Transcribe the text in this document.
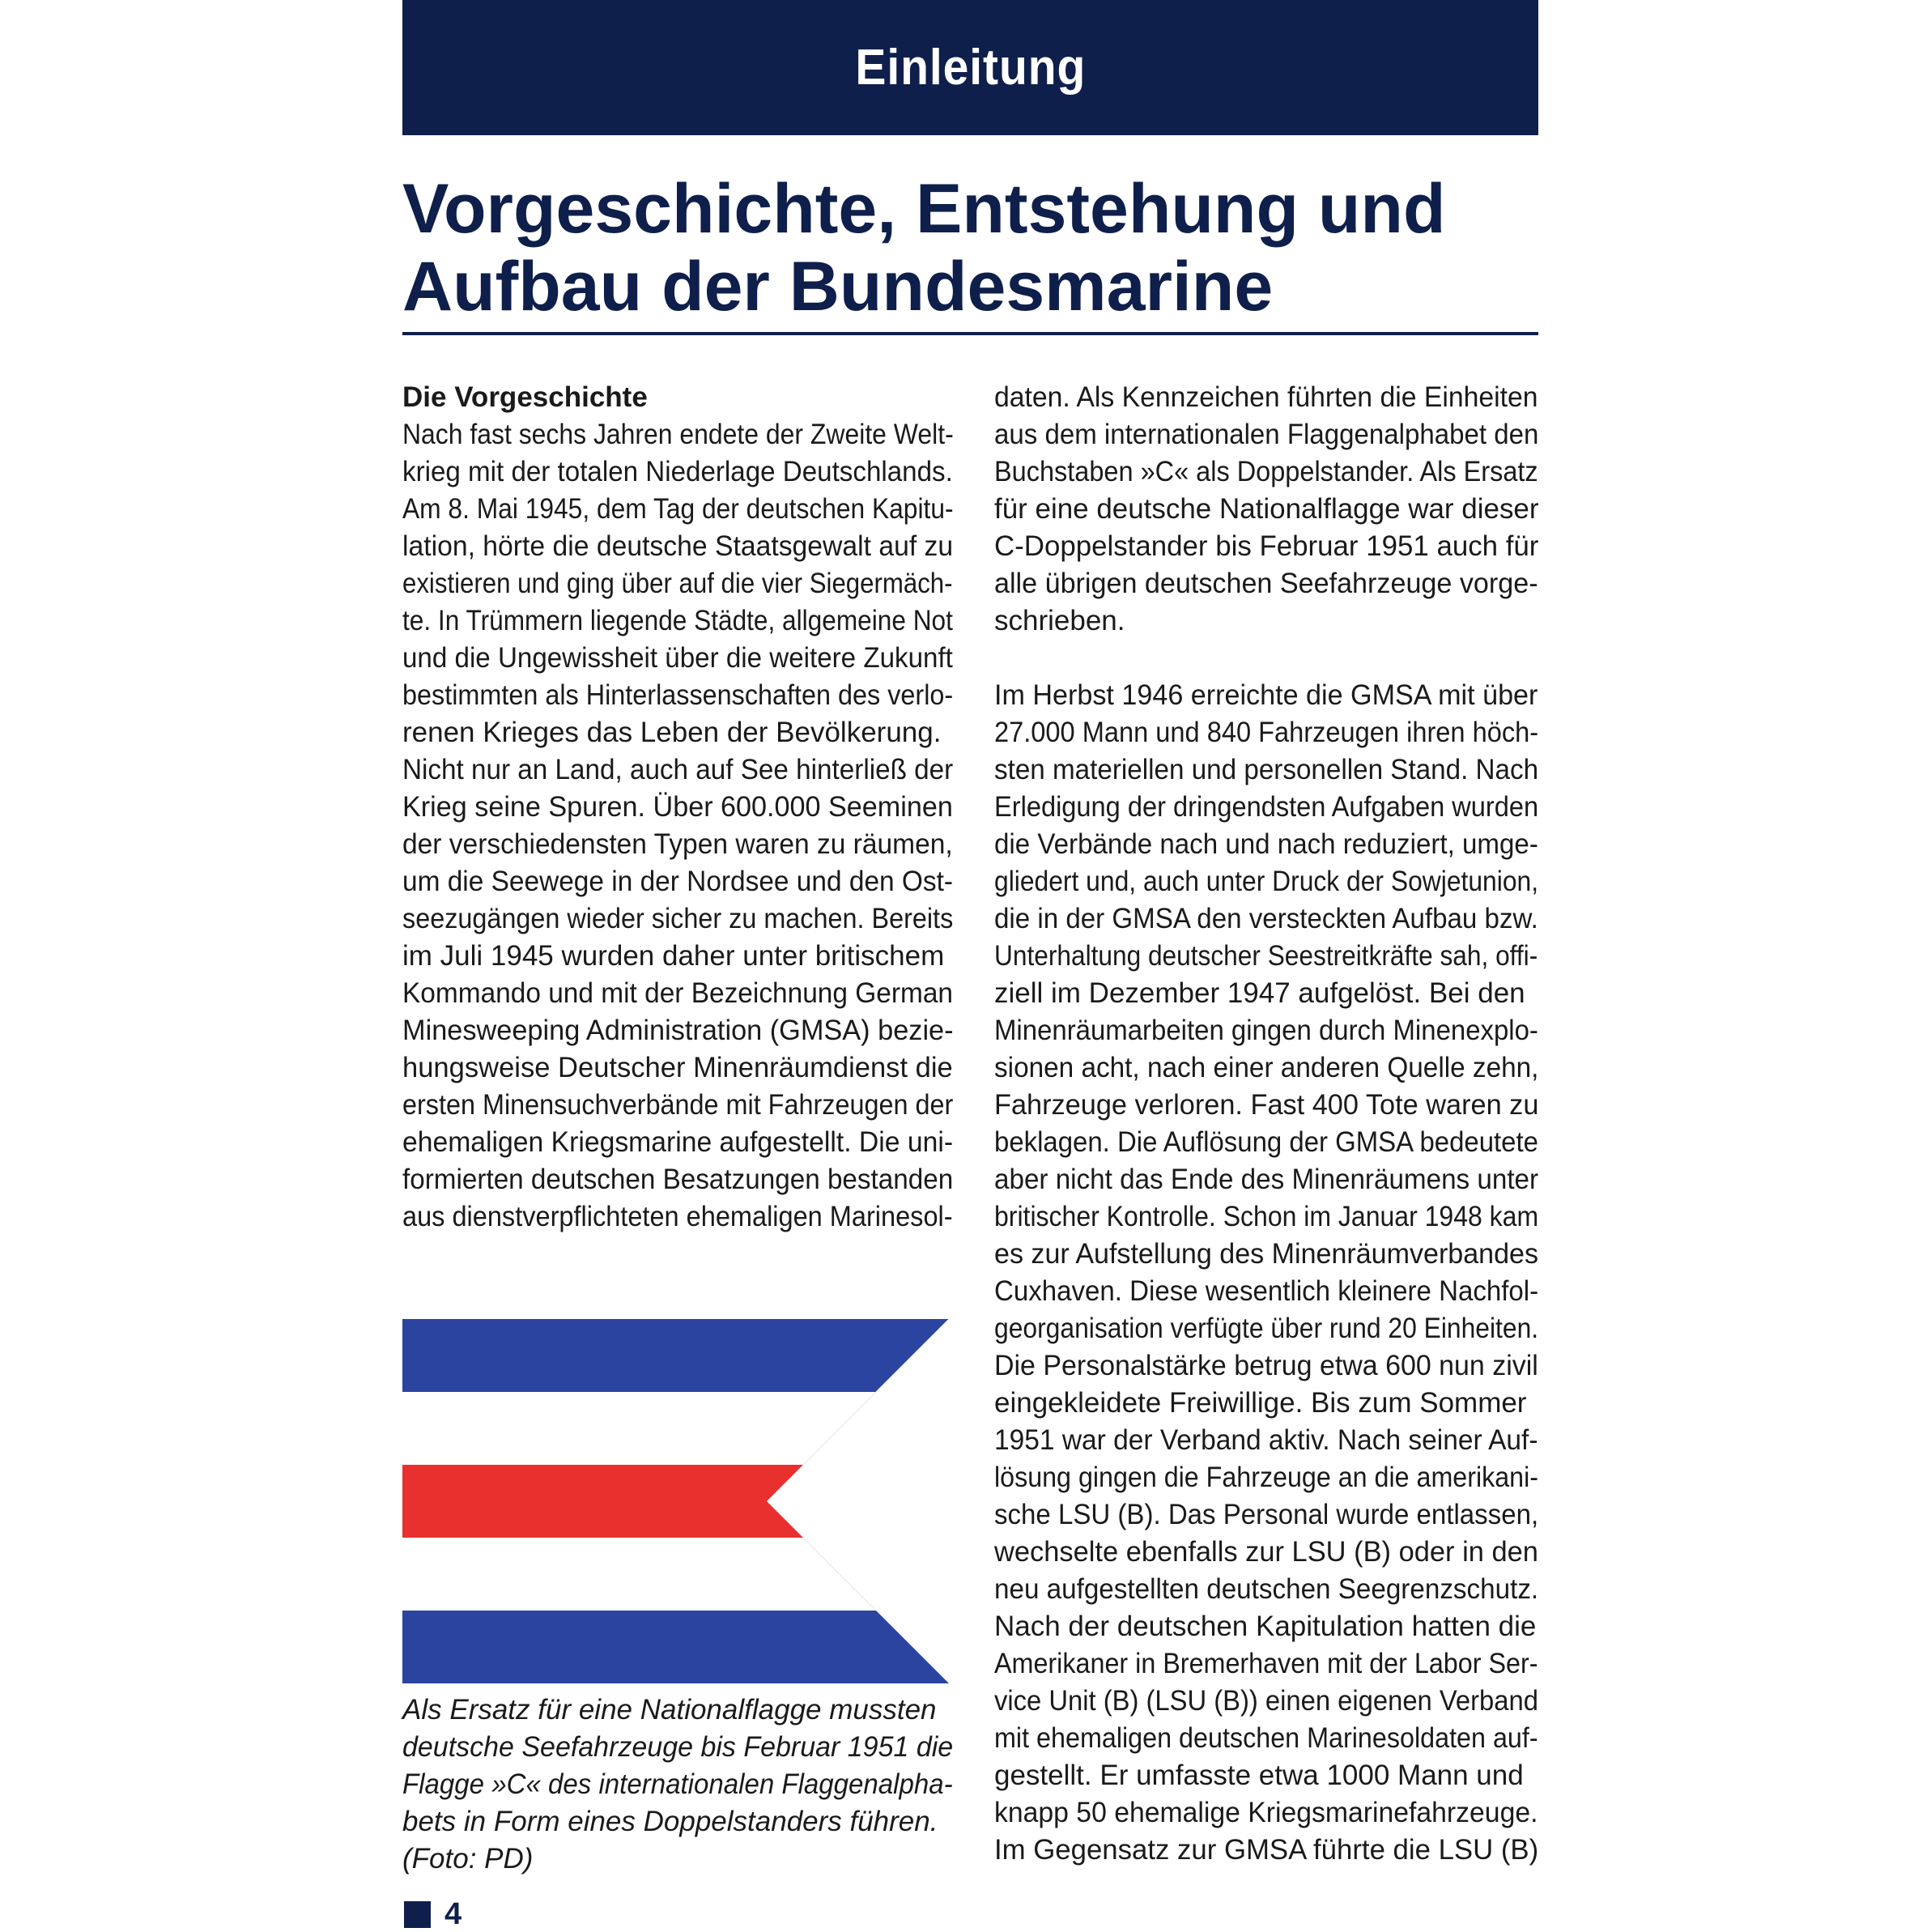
Einleitung
Vorgeschichte, Entstehung und
Aufbau der Bundesmarine
Die Vorgeschichte
Nach fast sechs Jahren endete der Zweite Welt-
krieg mit der totalen Niederlage Deutschlands.
Am 8. Mai 1945, dem Tag der deutschen Kapitu-
lation, hörte die deutsche Staatsgewalt auf zu
existieren und ging über auf die vier Siegermäch-
te. In Trümmern liegende Städte, allgemeine Not
und die Ungewissheit über die weitere Zukunft
bestimmten als Hinterlassenschaften des verlo-
renen Krieges das Leben der Bevölkerung.
Nicht nur an Land, auch auf See hinterließ der
Krieg seine Spuren. Über 600.000 Seeminen
der verschiedensten Typen waren zu räumen,
um die Seewege in der Nordsee und den Ost-
seezugängen wieder sicher zu machen. Bereits
im Juli 1945 wurden daher unter britischem
Kommando und mit der Bezeichnung German
Minesweeping Administration (GMSA) bezie-
hungsweise Deutscher Minenräumdienst die
ersten Minensuchverbände mit Fahrzeugen der
ehemaligen Kriegsmarine aufgestellt. Die uni-
formierten deutschen Besatzungen bestanden
aus dienstverpflichteten ehemaligen Marinesol-
Als Ersatz für eine Nationalflagge mussten
deutsche Seefahrzeuge bis Februar 1951 die
Flagge »C« des internationalen Flaggenalpha-
bets in Form eines Doppelstanders führen.
(Foto: PD)
daten. Als Kennzeichen führten die Einheiten
aus dem internationalen Flaggenalphabet den
Buchstaben »C« als Doppelstander. Als Ersatz
für eine deutsche Nationalflagge war dieser
C-Doppelstander bis Februar 1951 auch für
alle übrigen deutschen Seefahrzeuge vorge-
schrieben.
Im Herbst 1946 erreichte die GMSA mit über
27.000 Mann und 840 Fahrzeugen ihren höch-
sten materiellen und personellen Stand. Nach
Erledigung der dringendsten Aufgaben wurden
die Verbände nach und nach reduziert, umge-
gliedert und, auch unter Druck der Sowjetunion,
die in der GMSA den versteckten Aufbau bzw.
Unterhaltung deutscher Seestreitkräfte sah, offi-
ziell im Dezember 1947 aufgelöst. Bei den
Minenräumarbeiten gingen durch Minenexplo-
sionen acht, nach einer anderen Quelle zehn,
Fahrzeuge verloren. Fast 400 Tote waren zu
beklagen. Die Auflösung der GMSA bedeutete
aber nicht das Ende des Minenräumens unter
britischer Kontrolle. Schon im Januar 1948 kam
es zur Aufstellung des Minenräumverbandes
Cuxhaven. Diese wesentlich kleinere Nachfol-
georganisation verfügte über rund 20 Einheiten.
Die Personalstärke betrug etwa 600 nun zivil
eingekleidete Freiwillige. Bis zum Sommer
1951 war der Verband aktiv. Nach seiner Auf-
lösung gingen die Fahrzeuge an die amerikani-
sche LSU (B). Das Personal wurde entlassen,
wechselte ebenfalls zur LSU (B) oder in den
neu aufgestellten deutschen Seegrenzschutz.
Nach der deutschen Kapitulation hatten die
Amerikaner in Bremerhaven mit der Labor Ser-
vice Unit (B) (LSU (B)) einen eigenen Verband
mit ehemaligen deutschen Marinesoldaten auf-
gestellt. Er umfasste etwa 1000 Mann und
knapp 50 ehemalige Kriegsmarinefahrzeuge.
Im Gegensatz zur GMSA führte die LSU (B)
4
